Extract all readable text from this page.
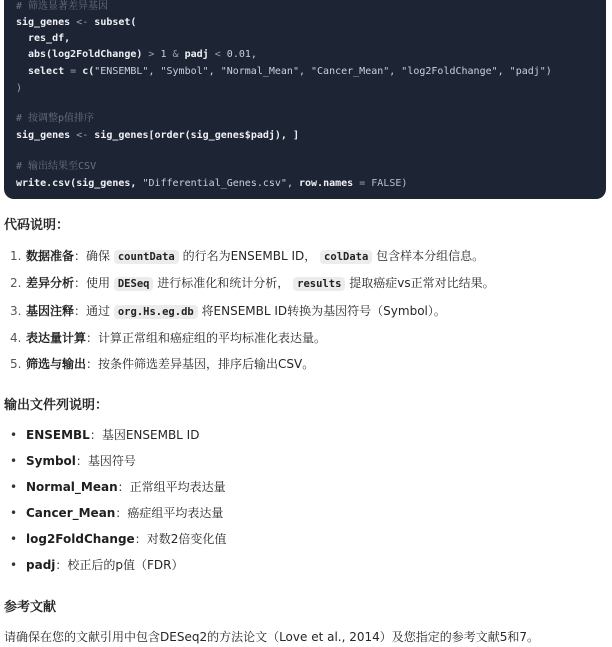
# 筛选显著差异基因
sig_genes <- subset(
res_df,
abs(log2FoldChange) > 1 & padj < 0.01,
select = c("ENSEMBL", "Symbol", "Normal_Mean", "Cancer_Mean", "log2FoldChange", "padj")
)
# 按调整p值排序
sig_genes <- sig_genes[order(sig_genes$padj), ]
# 输出结果至CSV
write.csv(sig_genes, "Differential_Genes.csv", row.names = FALSE)
代码说明：
1. 数据准备：确保 countData 的行名为ENSEMBL ID， colData 包含样本分组信息。
2. 差异分析：使用 DESeq 进行标准化和统计分析， results 提取癌症vs正常对比结果。
3. 基因注释：通过 org.Hs.eg.db 将ENSEMBL ID转换为基因符号（Symbol）。
4. 表达量计算：计算正常组和癌症组的平均标准化表达量。
5. 筛选与输出：按条件筛选差异基因，排序后输出CSV。
输出文件列说明：
• ENSEMBL：基因ENSEMBL ID
• Symbol：基因符号
• Normal_Mean：正常组平均表达量
• Cancer_Mean：癌症组平均表达量
• log2FoldChange：对数2倍变化值
• padj：校正后的p值（FDR）
参考文献
请确保在您的文献引用中包含DESeq2的方法论文（Love et al., 2014）及您指定的参考文献5和7。
